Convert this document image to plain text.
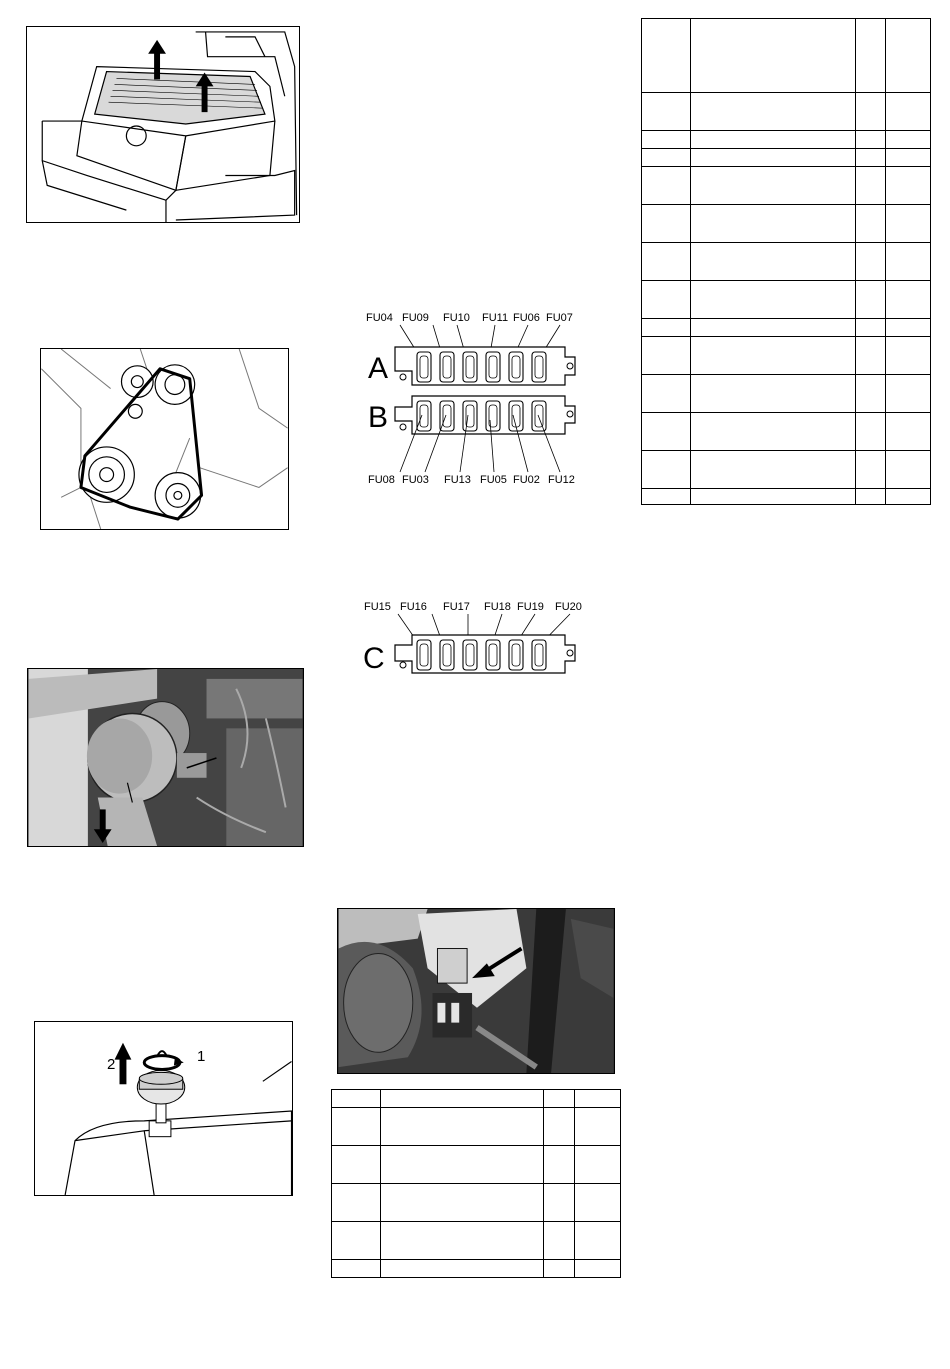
2	1
FU04 FU09 FU10 FU11 FU06 FU07
A
B
FU08 FU03 FU13 FU05 FU02 FU12
FU15 FU16 FU17 FU18 FU19 FU20
C
